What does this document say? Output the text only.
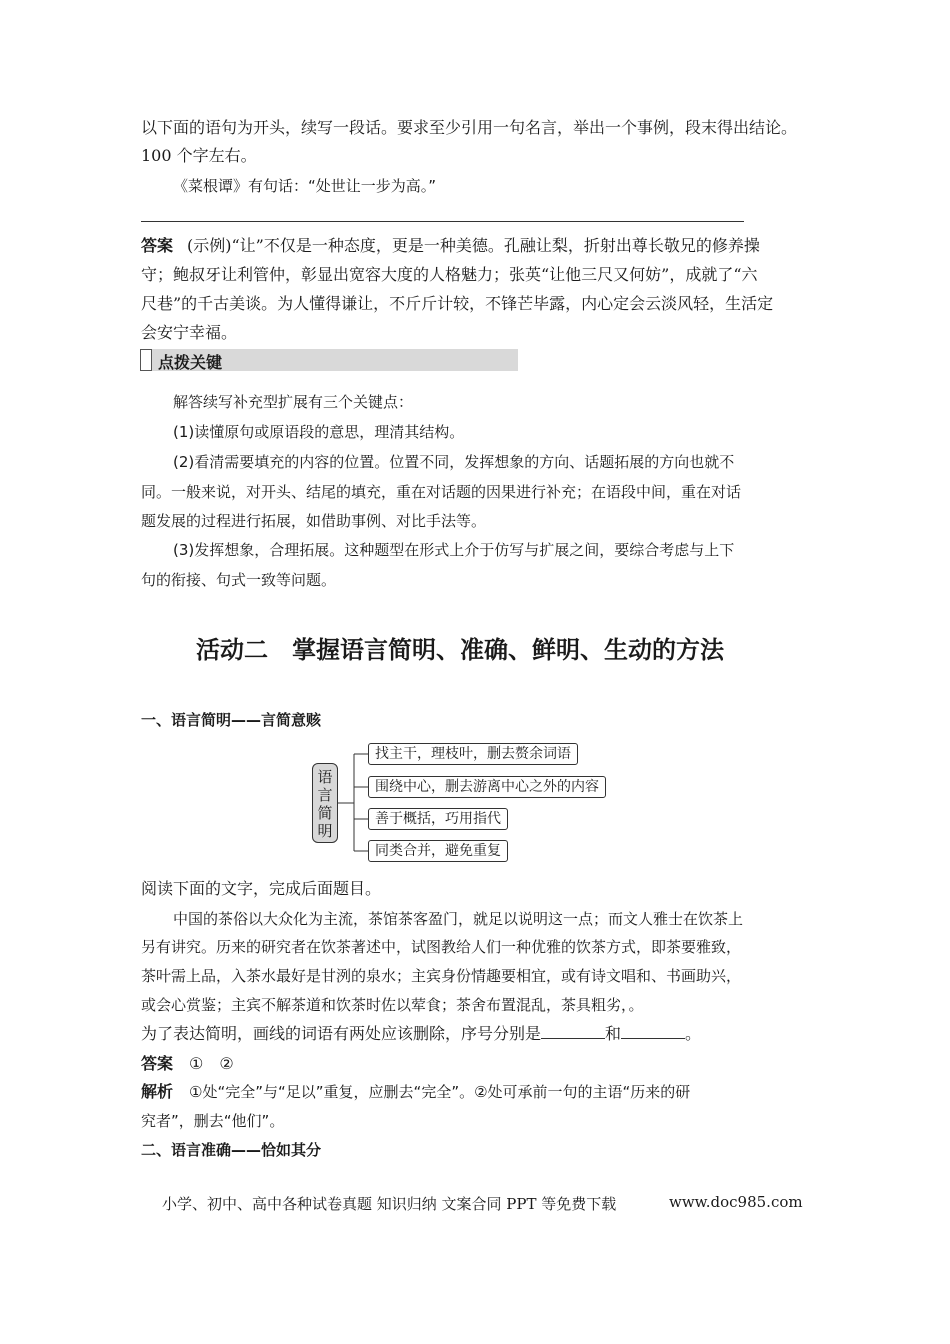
以下面的语句为开头，续写一段话。要求至少引用一句名言，举出一个事例，段末得出结论。
100 个字左右。
《菜根谭》有句话：“处世让一步为高。”
答案 (示例)“让”不仅是一种态度，更是一种美德。孔融让梨，折射出尊长敬兄的修养操
守；鲍叔牙让利管仲，彰显出宽容大度的人格魅力；张英“让他三尺又何妨”，成就了“六
尺巷”的千古美谈。为人懂得谦让，不斤斤计较，不锋芒毕露，内心定会云淡风轻，生活定
会安宁幸福。
点拨关键
解答续写补充型扩展有三个关键点：
(1)读懂原句或原语段的意思，理清其结构。
(2)看清需要填充的内容的位置。位置不同，发挥想象的方向、话题拓展的方向也就不
同。一般来说，对开头、结尾的填充，重在对话题的因果进行补充；在语段中间，重在对话
题发展的过程进行拓展，如借助事例、对比手法等。
(3)发挥想象，合理拓展。这种题型在形式上介于仿写与扩展之间，要综合考虑与上下
句的衔接、句式一致等问题。
活动二　掌握语言简明、准确、鲜明、生动的方法
一、语言简明——言简意赅
语
言
简
明
找主干，理枝叶，删去赘余词语
围绕中心，删去游离中心之外的内容
善于概括，巧用指代
同类合并，避免重复
阅读下面的文字，完成后面题目。
中国的茶俗以大众化为主流，茶馆茶客盈门，就足以说明这一点；而文人雅士在饮茶上
另有讲究。历来的研究者在饮茶著述中，试图教给人们一种优雅的饮茶方式，即茶要雅致，
茶叶需上品，入茶水最好是甘洌的泉水；主宾身份情趣要相宜，或有诗文唱和、书画助兴，
或会心赏鉴；主宾不解茶道和饮茶时佐以荤食；茶舍布置混乱，茶具粗劣，。
为了表达简明，画线的词语有两处应该删除，序号分别是	和	。
答案 ①　②
解析 ①处“完全”与“足以”重复，应删去“完全”。②处可承前一句的主语“历来的研
究者”，删去“他们”。
二、语言准确——恰如其分
小学、初中、高中各种试卷真题 知识归纳 文案合同 PPT 等免费下载	www.doc985.com
